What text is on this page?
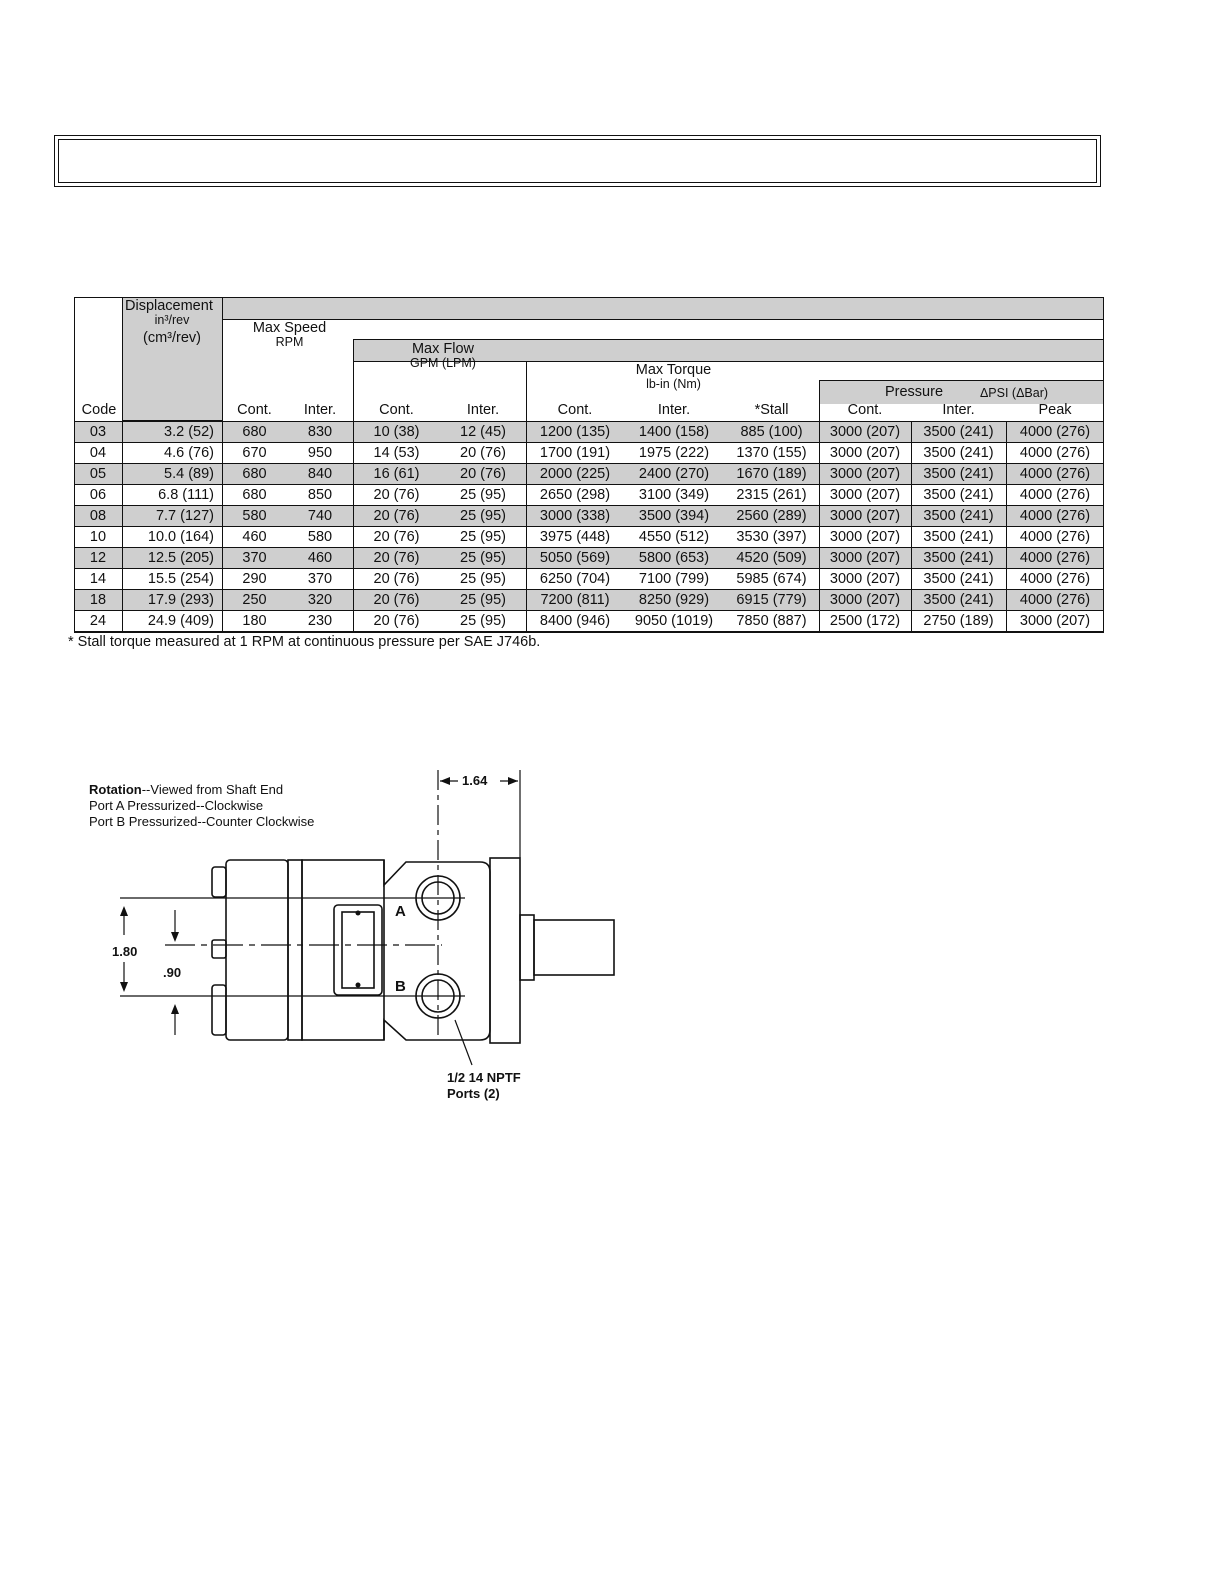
Code
Displacement
in³/rev
(cm³/rev)
Max Speed
RPM	Max Flow
GPM (LPM)	Max Torque
lb-in (Nm)	Pressure	ΔPSI (ΔBar)
Cont.	Inter.	Cont.	Inter.	Cont.	Inter.	*Stall	Cont.	Inter.	Peak
03	3.2 (52)	680	830	10 (38)	12 (45)	1200 (135)	1400 (158)	885 (100)	3000 (207)	3500 (241)	4000 (276)
04	4.6 (76)	670	950	14 (53)	20 (76)	1700 (191)	1975 (222)	1370 (155)	3000 (207)	3500 (241)	4000 (276)
05	5.4 (89)	680	840	16 (61)	20 (76)	2000 (225)	2400 (270)	1670 (189)	3000 (207)	3500 (241)	4000 (276)
06	6.8 (111)	680	850	20 (76)	25 (95)	2650 (298)	3100 (349)	2315 (261)	3000 (207)	3500 (241)	4000 (276)
08	7.7 (127)	580	740	20 (76)	25 (95)	3000 (338)	3500 (394)	2560 (289)	3000 (207)	3500 (241)	4000 (276)
10	10.0 (164)	460	580	20 (76)	25 (95)	3975 (448)	4550 (512)	3530 (397)	3000 (207)	3500 (241)	4000 (276)
12	12.5 (205)	370	460	20 (76)	25 (95)	5050 (569)	5800 (653)	4520 (509)	3000 (207)	3500 (241)	4000 (276)
14	15.5 (254)	290	370	20 (76)	25 (95)	6250 (704)	7100 (799)	5985 (674)	3000 (207)	3500 (241)	4000 (276)
18	17.9 (293)	250	320	20 (76)	25 (95)	7200 (811)	8250 (929)	6915 (779)	3000 (207)	3500 (241)	4000 (276)
24	24.9 (409)	180	230	20 (76)	25 (95)	8400 (946)	9050 (1019)	7850 (887)	2500 (172)	2750 (189)	3000 (207)
* Stall torque measured at 1 RPM at continuous pressure per SAE J746b.
Rotation--Viewed from Shaft End
Port A Pressurized--Clockwise
Port B Pressurized--Counter Clockwise
1.64
1.80
.90
A
B
1/2 14 NPTF
Ports (2)
